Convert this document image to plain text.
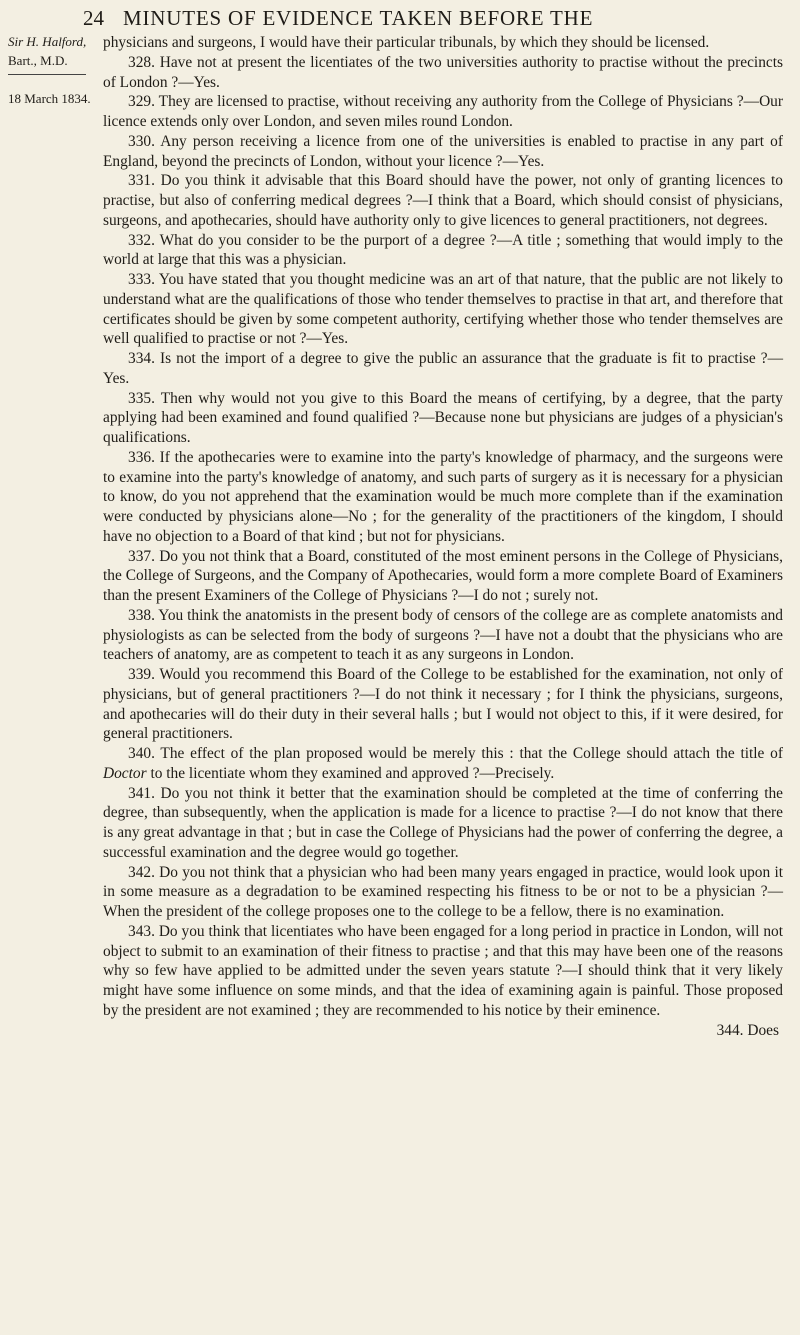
24 MINUTES OF EVIDENCE TAKEN BEFORE THE
Sir H. Halford,
Bart., M.D.
18 March 1834.

physicians and surgeons, I would have their particular tribunals, by which they should be licensed.

328. Have not at present the licentiates of the two universities authority to practise without the precincts of London ?—Yes.

329. They are licensed to practise, without receiving any authority from the College of Physicians ?—Our licence extends only over London, and seven miles round London.

330. Any person receiving a licence from one of the universities is enabled to practise in any part of England, beyond the precincts of London, without your licence ?—Yes.

331. Do you think it advisable that this Board should have the power, not only of granting licences to practise, but also of conferring medical degrees ?—I think that a Board, which should consist of physicians, surgeons, and apothecaries, should have authority only to give licences to general practitioners, not degrees.

332. What do you consider to be the purport of a degree ?—A title ; something that would imply to the world at large that this was a physician.

333. You have stated that you thought medicine was an art of that nature, that the public are not likely to understand what are the qualifications of those who tender themselves to practise in that art, and therefore that certificates should be given by some competent authority, certifying whether those who tender themselves are well qualified to practise or not ?—Yes.

334. Is not the import of a degree to give the public an assurance that the graduate is fit to practise ?—Yes.

335. Then why would not you give to this Board the means of certifying, by a degree, that the party applying had been examined and found qualified ?—Because none but physicians are judges of a physician's qualifications.

336. If the apothecaries were to examine into the party's knowledge of pharmacy, and the surgeons were to examine into the party's knowledge of anatomy, and such parts of surgery as it is necessary for a physician to know, do you not apprehend that the examination would be much more complete than if the examination were conducted by physicians alone—No ; for the generality of the practitioners of the kingdom, I should have no objection to a Board of that kind ; but not for physicians.

337. Do you not think that a Board, constituted of the most eminent persons in the College of Physicians, the College of Surgeons, and the Company of Apothecaries, would form a more complete Board of Examiners than the present Examiners of the College of Physicians ?—I do not ; surely not.

338. You think the anatomists in the present body of censors of the college are as complete anatomists and physiologists as can be selected from the body of surgeons ?—I have not a doubt that the physicians who are teachers of anatomy, are as competent to teach it as any surgeons in London.

339. Would you recommend this Board of the College to be established for the examination, not only of physicians, but of general practitioners ?—I do not think it necessary ; for I think the physicians, surgeons, and apothecaries will do their duty in their several halls ; but I would not object to this, if it were desired, for general practitioners.

340. The effect of the plan proposed would be merely this : that the College should attach the title of Doctor to the licentiate whom they examined and approved ?—Precisely.

341. Do you not think it better that the examination should be completed at the time of conferring the degree, than subsequently, when the application is made for a licence to practise ?—I do not know that there is any great advantage in that ; but in case the College of Physicians had the power of conferring the degree, a successful examination and the degree would go together.

342. Do you not think that a physician who had been many years engaged in practice, would look upon it in some measure as a degradation to be examined respecting his fitness to be or not to be a physician ?—When the president of the college proposes one to the college to be a fellow, there is no examination.

343. Do you think that licentiates who have been engaged for a long period in practice in London, will not object to submit to an examination of their fitness to practise ; and that this may have been one of the reasons why so few have applied to be admitted under the seven years statute ?—I should think that it very likely might have some influence on some minds, and that the idea of examining again is painful. Those proposed by the president are not examined ; they are recommended to his notice by their eminence.

344. Does
